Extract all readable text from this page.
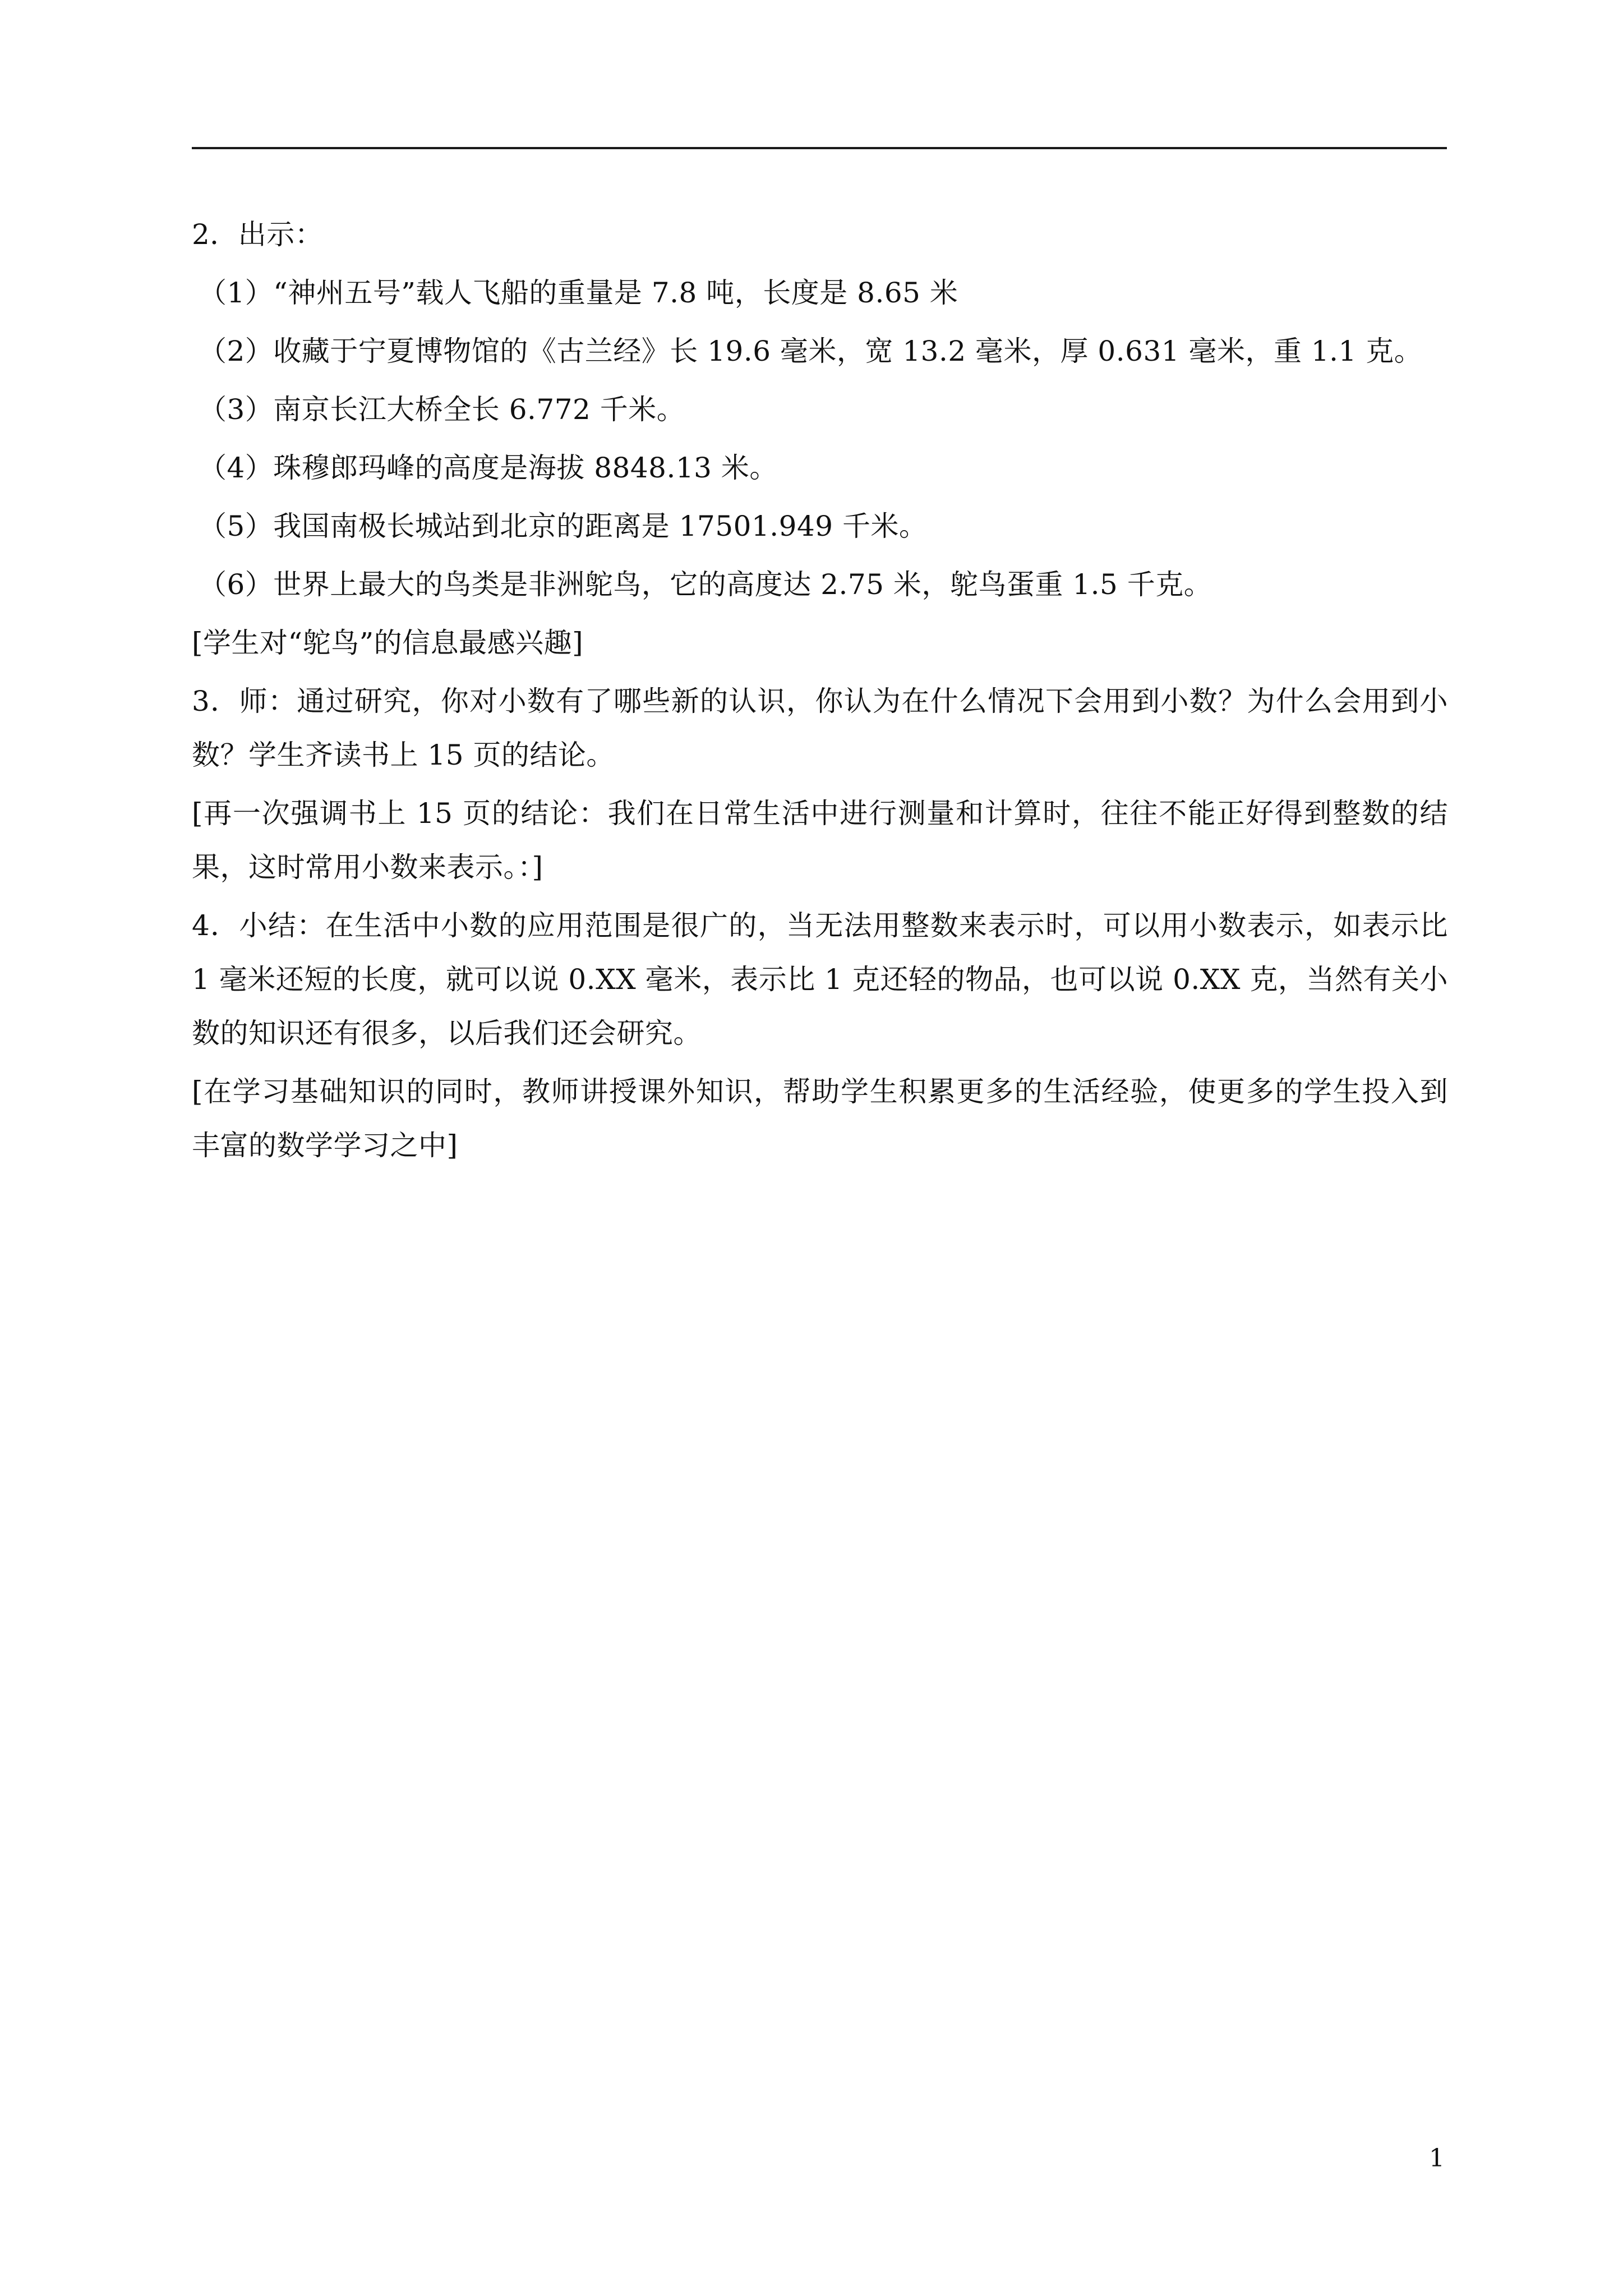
2．出示：

（1）“神州五号”载人飞船的重量是 7.8 吨，长度是 8.65 米

（2）收藏于宁夏博物馆的《古兰经》长 19.6 毫米，宽 13.2 毫米，厚 0.631 毫米，重 1.1 克。

（3）南京长江大桥全长 6.772 千米。

（4）珠穆郎玛峰的高度是海拔 8848.13 米。

（5）我国南极长城站到北京的距离是 17501.949 千米。

（6）世界上最大的鸟类是非洲鸵鸟，它的高度达 2.75 米，鸵鸟蛋重 1.5 千克。

[学生对“鸵鸟”的信息最感兴趣]

3．师：通过研究，你对小数有了哪些新的认识，你认为在什么情况下会用到小数？为什么会用到小数？学生齐读书上 15 页的结论。

[再一次强调书上 15 页的结论：我们在日常生活中进行测量和计算时，往往不能正好得到整数的结果，这时常用小数来表示。：]

4．小结：在生活中小数的应用范围是很广的，当无法用整数来表示时，可以用小数表示，如表示比 1 毫米还短的长度，就可以说 0.XX 毫米，表示比 1 克还轻的物品，也可以说 0.XX 克，当然有关小数的知识还有很多，以后我们还会研究。

[在学习基础知识的同时，教师讲授课外知识，帮助学生积累更多的生活经验，使更多的学生投入到丰富的数学学习之中]

1
